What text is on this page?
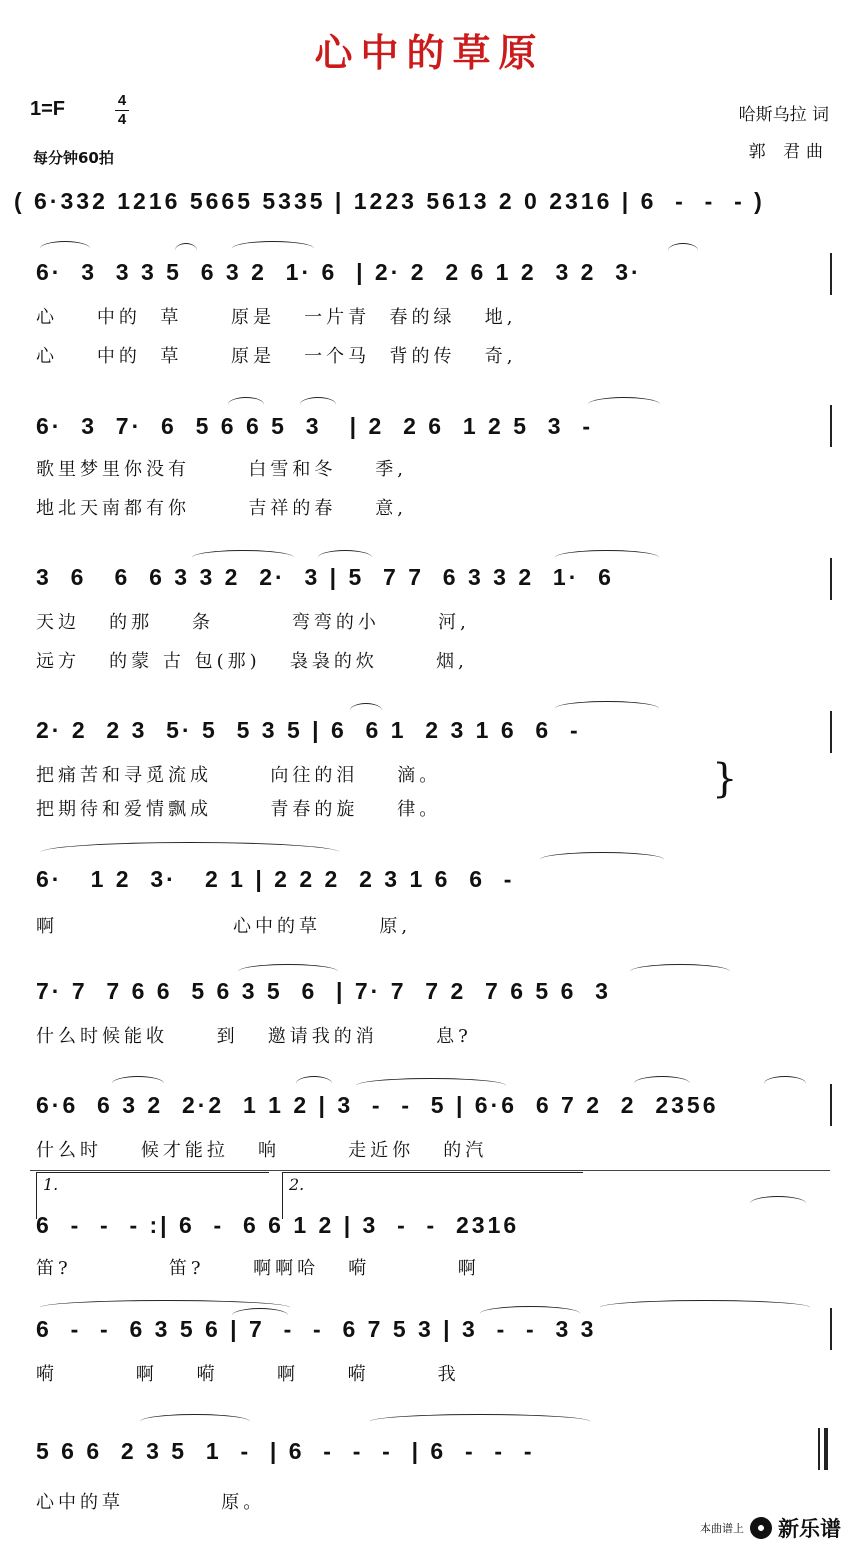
心中的草原
1=F	4
4
每分钟60拍
哈斯乌拉 词
郭 君曲
( 6·332 1216 5665 5335 | 1223 5613 2 0 2316 | 6  -  -  - )
6·  3  3 3 5  6 3 2  1· 6  | 2· 2  2 6 1 2  3 2  3·
心    中的  草     原是   一片青  春的绿   地,
心    中的  草     原是   一个马  背的传   奇,
6·  3  7·  6  5 6 6 5  3   | 2  2 6  1 2 5  3  -
歌里梦里你没有      白雪和冬    季,
地北天南都有你      吉祥的春    意,
3  6   6  6 3 3 2  2·  3 | 5  7 7  6 3 3 2  1·  6
天边   的那    条        弯弯的小      河,
远方   的蒙 古 包(那)   袅袅的炊      烟,
2· 2  2 3  5· 5  5 3 5 | 6  6 1  2 3 1 6  6  -
把痛苦和寻觅流成      向往的泪    滴。
把期待和爱情飘成      青春的旋    律。
}
6·   1 2  3·   2 1 | 2 2 2  2 3 1 6  6  -
啊                  心中的草      原,
7· 7  7 6 6  5 6 3 5  6  | 7· 7  7 2  7 6 5 6  3
什么时候能收     到   邀请我的消      息?
6·6  6 3 2  2·2  1 1 2 | 3  -  -  5 | 6·6  6 7 2  2  2356
什么时    候才能拉   响       走近你   的汽
1.	2.
6  -  -  - :| 6  -  6 6 1 2 | 3  -  -  2316
笛?          笛?     啊啊哈   嗬         啊
6  -  -  6 3 5 6 | 7  -  -  6 7 5 3 | 3  -  -  3 3
嗬        啊    嗬      啊     嗬       我
5 6 6  2 3 5  1  -  | 6  -  -  -  | 6  -  -  -
心中的草          原。
本曲谱上 新乐谱
